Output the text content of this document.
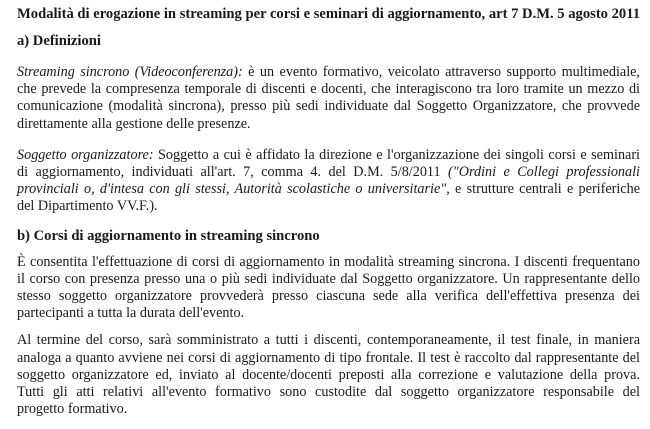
Modalità di erogazione in streaming per corsi e seminari di aggiornamento, art 7 D.M. 5 agosto 2011
a) Definizioni
Streaming sincrono (Videoconferenza): è un evento formativo, veicolato attraverso supporto multimediale,
che prevede la compresenza temporale di discenti e docenti, che interagiscono tra loro tramite un mezzo di
comunicazione (modalità sincrona), presso più sedi individuate dal Soggetto Organizzatore, che provvede
direttamente alla gestione delle presenze.
Soggetto organizzatore: Soggetto a cui è affidato la direzione e l'organizzazione dei singoli corsi e seminari
di aggiornamento, individuati all'art. 7, comma 4. del D.M. 5/8/2011 ("Ordini e Collegi professionali
provinciali o, d'intesa con gli stessi, Autorità scolastiche o universitarie", e strutture centrali e periferiche
del Dipartimento VV.F.).
b) Corsi di aggiornamento in streaming sincrono
È consentita l'effettuazione di corsi di aggiornamento in modalità streaming sincrona. I discenti frequentano
il corso con presenza presso una o più sedi individuate dal Soggetto organizzatore. Un rappresentante dello
stesso soggetto organizzatore provvederà presso ciascuna sede alla verifica dell'effettiva presenza dei
partecipanti a tutta la durata dell'evento.
Al termine del corso, sarà somministrato a tutti i discenti, contemporaneamente, il test finale, in maniera
analoga a quanto avviene nei corsi di aggiornamento di tipo frontale. Il test è raccolto dal rappresentante del
soggetto organizzatore ed, inviato al docente/docenti preposti alla correzione e valutazione della prova.
Tutti gli atti relativi all'evento formativo sono custodite dal soggetto organizzatore responsabile del
progetto formativo.
